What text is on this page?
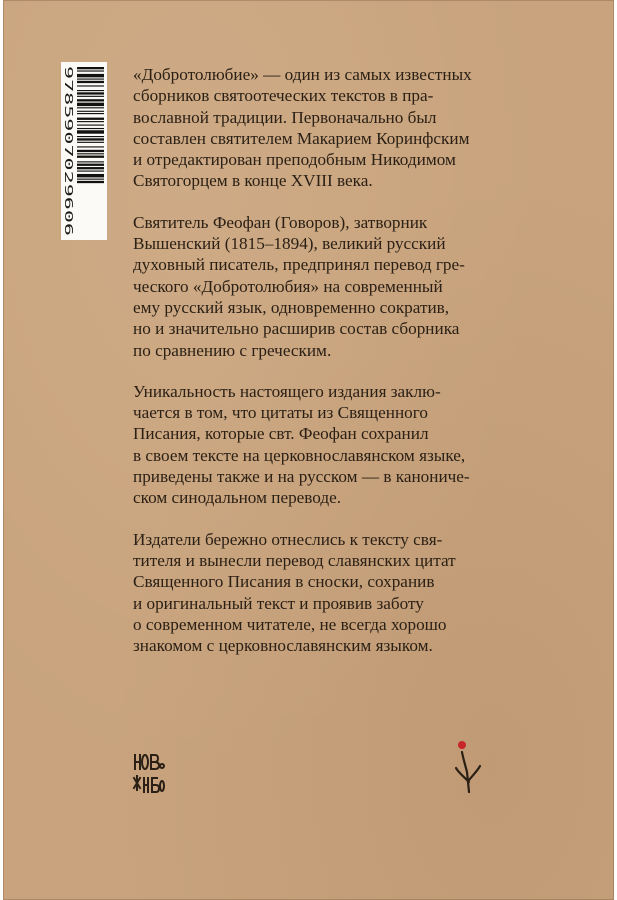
9785907029606	«Добротолюбие» — один из самых известных
сборников святоотеческих текстов в пра-
вославной традиции. Первоначально был
составлен святителем Макарием Коринфским
и отредактирован преподобным Никодимом
Святогорцем в конце XVIII века.

Святитель Феофан (Говоров), затворник
Вышенский (1815–1894), великий русский
духовный писатель, предпринял перевод гре-
ческого «Добротолюбия» на современный
ему русский язык, одновременно сократив,
но и значительно расширив состав сборника
по сравнению с греческим.

Уникальность настоящего издания заклю-
чается в том, что цитаты из Священного
Писания, которые свт. Феофан сохранил
в своем тексте на церковнославянском языке,
приведены также и на русском — в канониче-
ском синодальном переводе.

Издатели бережно отнеслись к тексту свя-
тителя и вынесли перевод славянских цитат
Священного Писания в сноски, сохранив
и оригинальный текст и проявив заботу
о современном читателе, не всегда хорошо
знакомом с церковнославянским языком.
